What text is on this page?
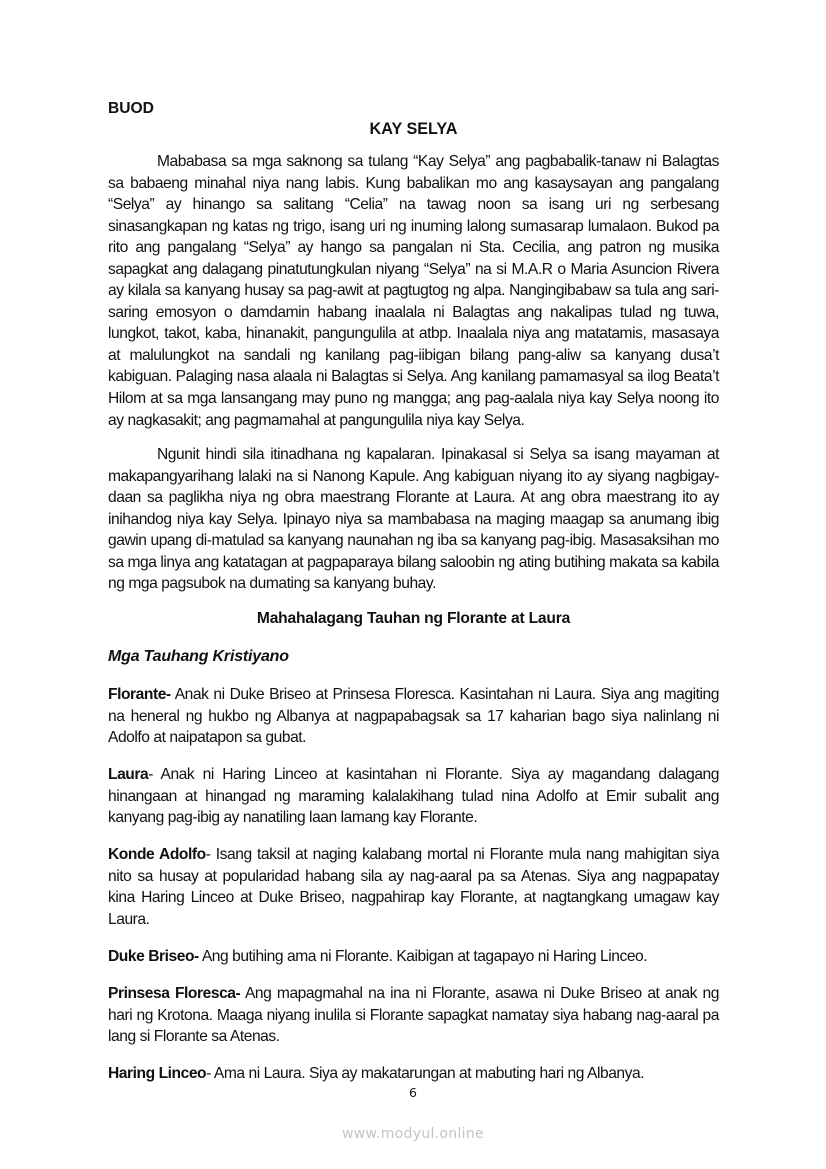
BUOD
KAY SELYA

Mababasa sa mga saknong sa tulang “Kay Selya” ang pagbabalik-tanaw ni Balagtas sa babaeng minahal niya nang labis. Kung babalikan mo ang kasaysayan ang pangalang “Selya” ay hinango sa salitang “Celia” na tawag noon sa isang uri ng serbesang sinasangkapan ng katas ng trigo, isang uri ng inuming lalong sumasarap lumalaon. Bukod pa rito ang pangalang “Selya” ay hango sa pangalan ni Sta. Cecilia, ang patron ng musika sapagkat ang dalagang pinatutungkulan niyang “Selya” na si M.A.R o Maria Asuncion Rivera ay kilala sa kanyang husay sa pag-awit at pagtugtog ng alpa. Nangingibabaw sa tula ang sari-saring emosyon o damdamin habang inaalala ni Balagtas ang nakalipas tulad ng tuwa, lungkot, takot, kaba, hinanakit, pangungulila at atbp. Inaalala niya ang matatamis, masasaya at malulungkot na sandali ng kanilang pag-iibigan bilang pang-aliw sa kanyang dusa’t kabiguan. Palaging nasa alaala ni Balagtas si Selya. Ang kanilang pamamasyal sa ilog Beata’t Hilom at sa mga lansangang may puno ng mangga; ang pag-aalala niya kay Selya noong ito ay nagkasakit; ang pagmamahal at pangungulila niya kay Selya.

Ngunit hindi sila itinadhana ng kapalaran. Ipinakasal si Selya sa isang mayaman at makapangyarihang lalaki na si Nanong Kapule. Ang kabiguan niyang ito ay siyang nagbigay-daan sa paglikha niya ng obra maestrang Florante at Laura. At ang obra maestrang ito ay inihandog niya kay Selya. Ipinayo niya sa mambabasa na maging maagap sa anumang ibig gawin upang di-matulad sa kanyang naunahan ng iba sa kanyang pag-ibig. Masasaksihan mo sa mga linya ang katatagan at pagpaparaya bilang saloobin ng ating butihing makata sa kabila ng mga pagsubok na dumating sa kanyang buhay.

Mahahalagang Tauhan ng Florante at Laura
Mga Tauhang Kristiyano

Florante- Anak ni Duke Briseo at Prinsesa Floresca. Kasintahan ni Laura. Siya ang magiting na heneral ng hukbo ng Albanya at nagpapabagsak sa 17 kaharian bago siya nalinlang ni Adolfo at naipatapon sa gubat.

Laura- Anak ni Haring Linceo at kasintahan ni Florante. Siya ay magandang dalagang hinangaan at hinangad ng maraming kalalakihang tulad nina Adolfo at Emir subalit ang kanyang pag-ibig ay nanatiling laan lamang kay Florante.

Konde Adolfo- Isang taksil at naging kalabang mortal ni Florante mula nang mahigitan siya nito sa husay at popularidad habang sila ay nag-aaral pa sa Atenas. Siya ang nagpapatay kina Haring Linceo at Duke Briseo, nagpahirap kay Florante, at nagtangkang umagaw kay Laura.

Duke Briseo- Ang butihing ama ni Florante. Kaibigan at tagapayo ni Haring Linceo.

Prinsesa Floresca- Ang mapagmahal na ina ni Florante, asawa ni Duke Briseo at anak ng hari ng Krotona. Maaga niyang inulila si Florante sapagkat namatay siya habang nag-aaral pa lang si Florante sa Atenas.

Haring Linceo- Ama ni Laura. Siya ay makatarungan at mabuting hari ng Albanya.

6
www.modyul.online
